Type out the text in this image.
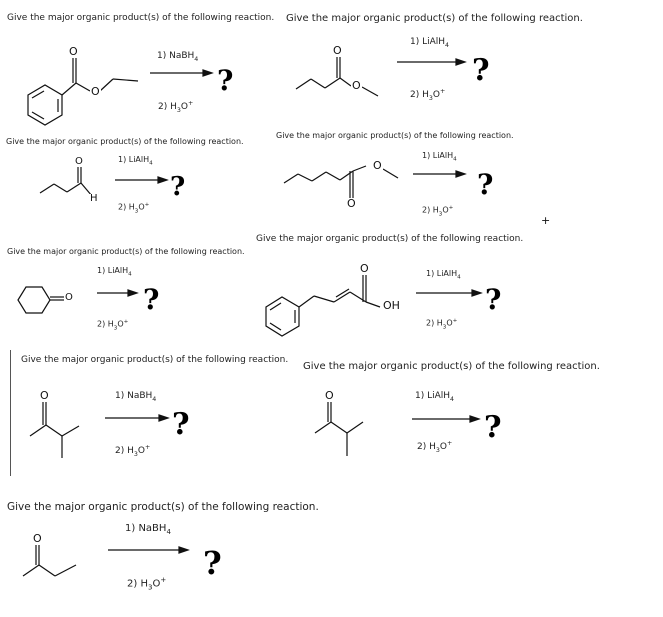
Give the major organic product(s) of the following reaction.
O
O
1) NaBH$_4$
2) $H_3O^+$
?
Give the major organic product(s) of the following reaction.
O
O
1) LiAlH$_4$
2) $H_3O^+$
?
Give the major organic product(s) of the following reaction.
O
H
1) LiAlH$_4$
2) $H_3O^+$
?
Give the major organic product(s) of the following reaction.
O
O
1) LiAlH$_4$
2) $H_3O^+$
?
+
Give the major organic product(s) of the following reaction.
O
1) LiAlH$_4$
2) $H_3O^+$
?
Give the major organic product(s) of the following reaction.
O
OH
1) LiAlH$_4$
2) $H_3O^+$
?
Give the major organic product(s) of the following reaction.
O	1) NaBH$_4$
2) $H_3O^+$
?
Give the major organic product(s) of the following reaction.
O	1) LiAlH$_4$
2) $H_3O^+$ ?
Give the major organic product(s) of the following reaction.
O
1) NaBH$_4$
2) $H_3O^+$ ?
